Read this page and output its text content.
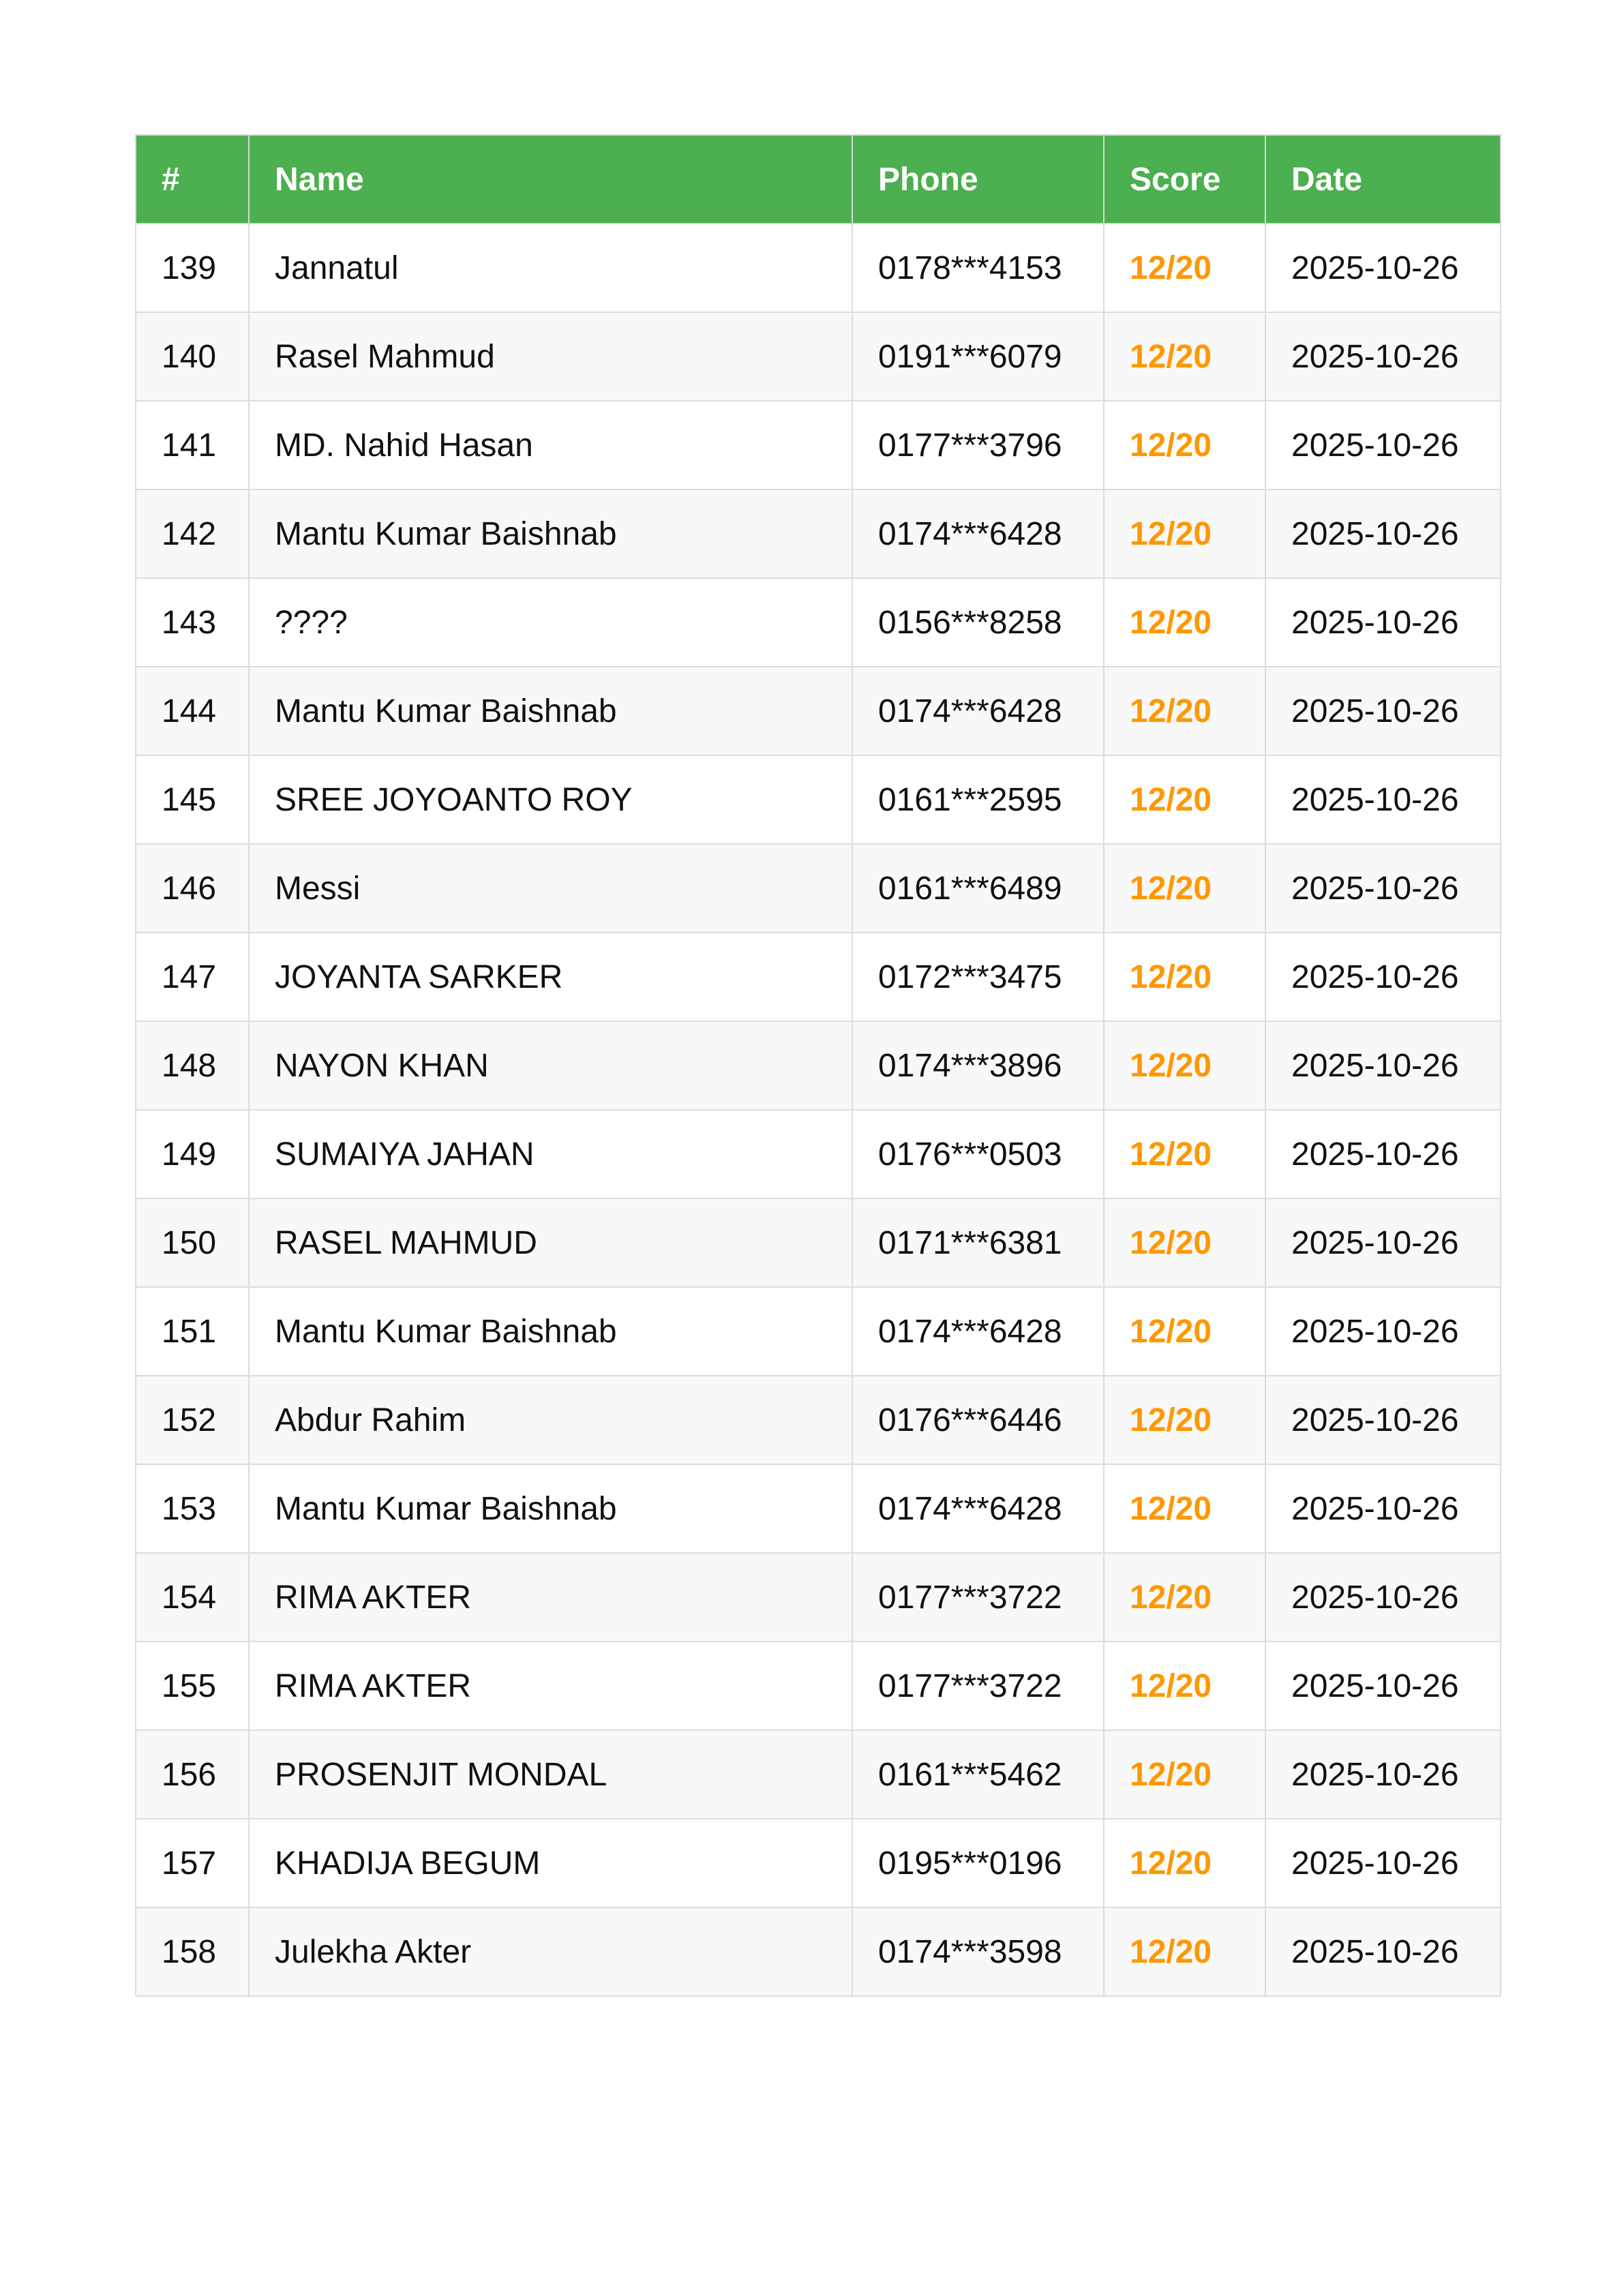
#	Name	Phone	Score	Date
139	Jannatul	0178***4153	12/20	2025-10-26
140	Rasel Mahmud	0191***6079	12/20	2025-10-26
141	MD. Nahid Hasan	0177***3796	12/20	2025-10-26
142	Mantu Kumar Baishnab	0174***6428	12/20	2025-10-26
143	????	0156***8258	12/20	2025-10-26
144	Mantu Kumar Baishnab	0174***6428	12/20	2025-10-26
145	SREE JOYOANTO ROY	0161***2595	12/20	2025-10-26
146	Messi	0161***6489	12/20	2025-10-26
147	JOYANTA SARKER	0172***3475	12/20	2025-10-26
148	NAYON KHAN	0174***3896	12/20	2025-10-26
149	SUMAIYA JAHAN	0176***0503	12/20	2025-10-26
150	RASEL MAHMUD	0171***6381	12/20	2025-10-26
151	Mantu Kumar Baishnab	0174***6428	12/20	2025-10-26
152	Abdur Rahim	0176***6446	12/20	2025-10-26
153	Mantu Kumar Baishnab	0174***6428	12/20	2025-10-26
154	RIMA AKTER	0177***3722	12/20	2025-10-26
155	RIMA AKTER	0177***3722	12/20	2025-10-26
156	PROSENJIT MONDAL	0161***5462	12/20	2025-10-26
157	KHADIJA BEGUM	0195***0196	12/20	2025-10-26
158	Julekha Akter	0174***3598	12/20	2025-10-26
